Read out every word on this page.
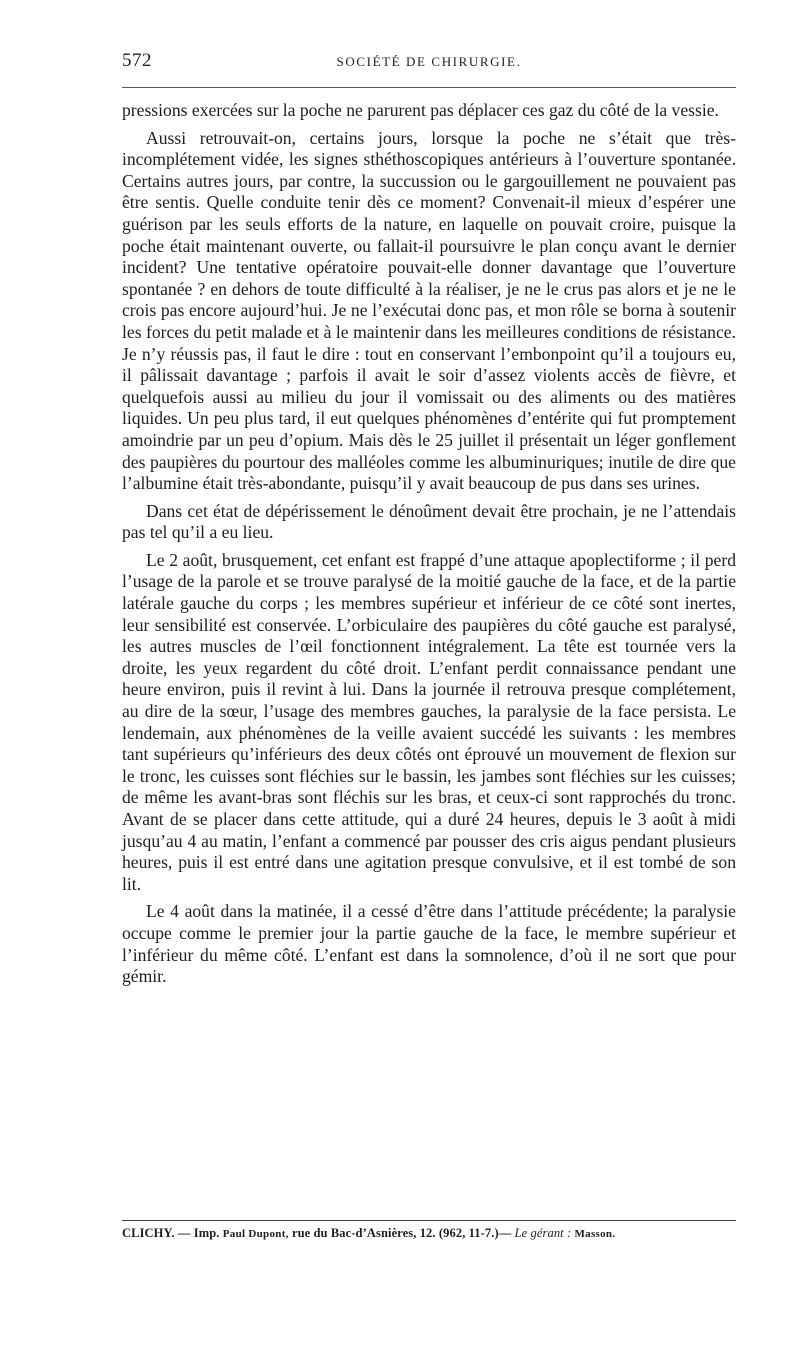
572	SOCIÉTÉ DE CHIRURGIE.

pressions exercées sur la poche ne parurent pas déplacer ces gaz du côté de la vessie.

Aussi retrouvait-on, certains jours, lorsque la poche ne s’était que très-incomplétement vidée, les signes sthéthoscopiques antérieurs à l’ouverture spontanée. Certains autres jours, par contre, la succussion ou le gargouillement ne pouvaient pas être sentis. Quelle conduite tenir dès ce moment? Convenait-il mieux d’espérer une guérison par les seuls efforts de la nature, en laquelle on pouvait croire, puisque la poche était maintenant ouverte, ou fallait-il poursuivre le plan conçu avant le dernier incident? Une tentative opératoire pouvait-elle donner davantage que l’ouverture spontanée ? en dehors de toute difficulté à la réaliser, je ne le crus pas alors et je ne le crois pas encore aujourd’hui. Je ne l’exécutai donc pas, et mon rôle se borna à soutenir les forces du petit malade et à le maintenir dans les meilleures conditions de résistance. Je n’y réussis pas, il faut le dire : tout en conservant l’embonpoint qu’il a toujours eu, il pâlissait davantage ; parfois il avait le soir d’assez violents accès de fièvre, et quelquefois aussi au milieu du jour il vomissait ou des aliments ou des matières liquides. Un peu plus tard, il eut quelques phénomènes d’entérite qui fut promptement amoindrie par un peu d’opium. Mais dès le 25 juillet il présentait un léger gonflement des paupières du pourtour des malléoles comme les albuminuriques; inutile de dire que l’albumine était très-abondante, puisqu’il y avait beaucoup de pus dans ses urines.

Dans cet état de dépérissement le dénoûment devait être prochain, je ne l’attendais pas tel qu’il a eu lieu.

Le 2 août, brusquement, cet enfant est frappé d’une attaque apoplectiforme ; il perd l’usage de la parole et se trouve paralysé de la moitié gauche de la face, et de la partie latérale gauche du corps ; les membres supérieur et inférieur de ce côté sont inertes, leur sensibilité est conservée. L’orbiculaire des paupières du côté gauche est paralysé, les autres muscles de l’œil fonctionnent intégralement. La tête est tournée vers la droite, les yeux regardent du côté droit. L’enfant perdit connaissance pendant une heure environ, puis il revint à lui. Dans la journée il retrouva presque complétement, au dire de la sœur, l’usage des membres gauches, la paralysie de la face persista. Le lendemain, aux phénomènes de la veille avaient succédé les suivants : les membres tant supérieurs qu’inférieurs des deux côtés ont éprouvé un mouvement de flexion sur le tronc, les cuisses sont fléchies sur le bassin, les jambes sont fléchies sur les cuisses; de même les avant-bras sont fléchis sur les bras, et ceux-ci sont rapprochés du tronc. Avant de se placer dans cette attitude, qui a duré 24 heures, depuis le 3 août à midi jusqu’au 4 au matin, l’enfant a commencé par pousser des cris aigus pendant plusieurs heures, puis il est entré dans une agitation presque convulsive, et il est tombé de son lit.

Le 4 août dans la matinée, il a cessé d’être dans l’attitude précédente; la paralysie occupe comme le premier jour la partie gauche de la face, le membre supérieur et l’inférieur du même côté. L’enfant est dans la somnolence, d’où il ne sort que pour gémir.

CLICHY. — Imp. Paul Dupont, rue du Bac-d’Asnières, 12. (962, 11-7.)— Le gérant : Masson.
